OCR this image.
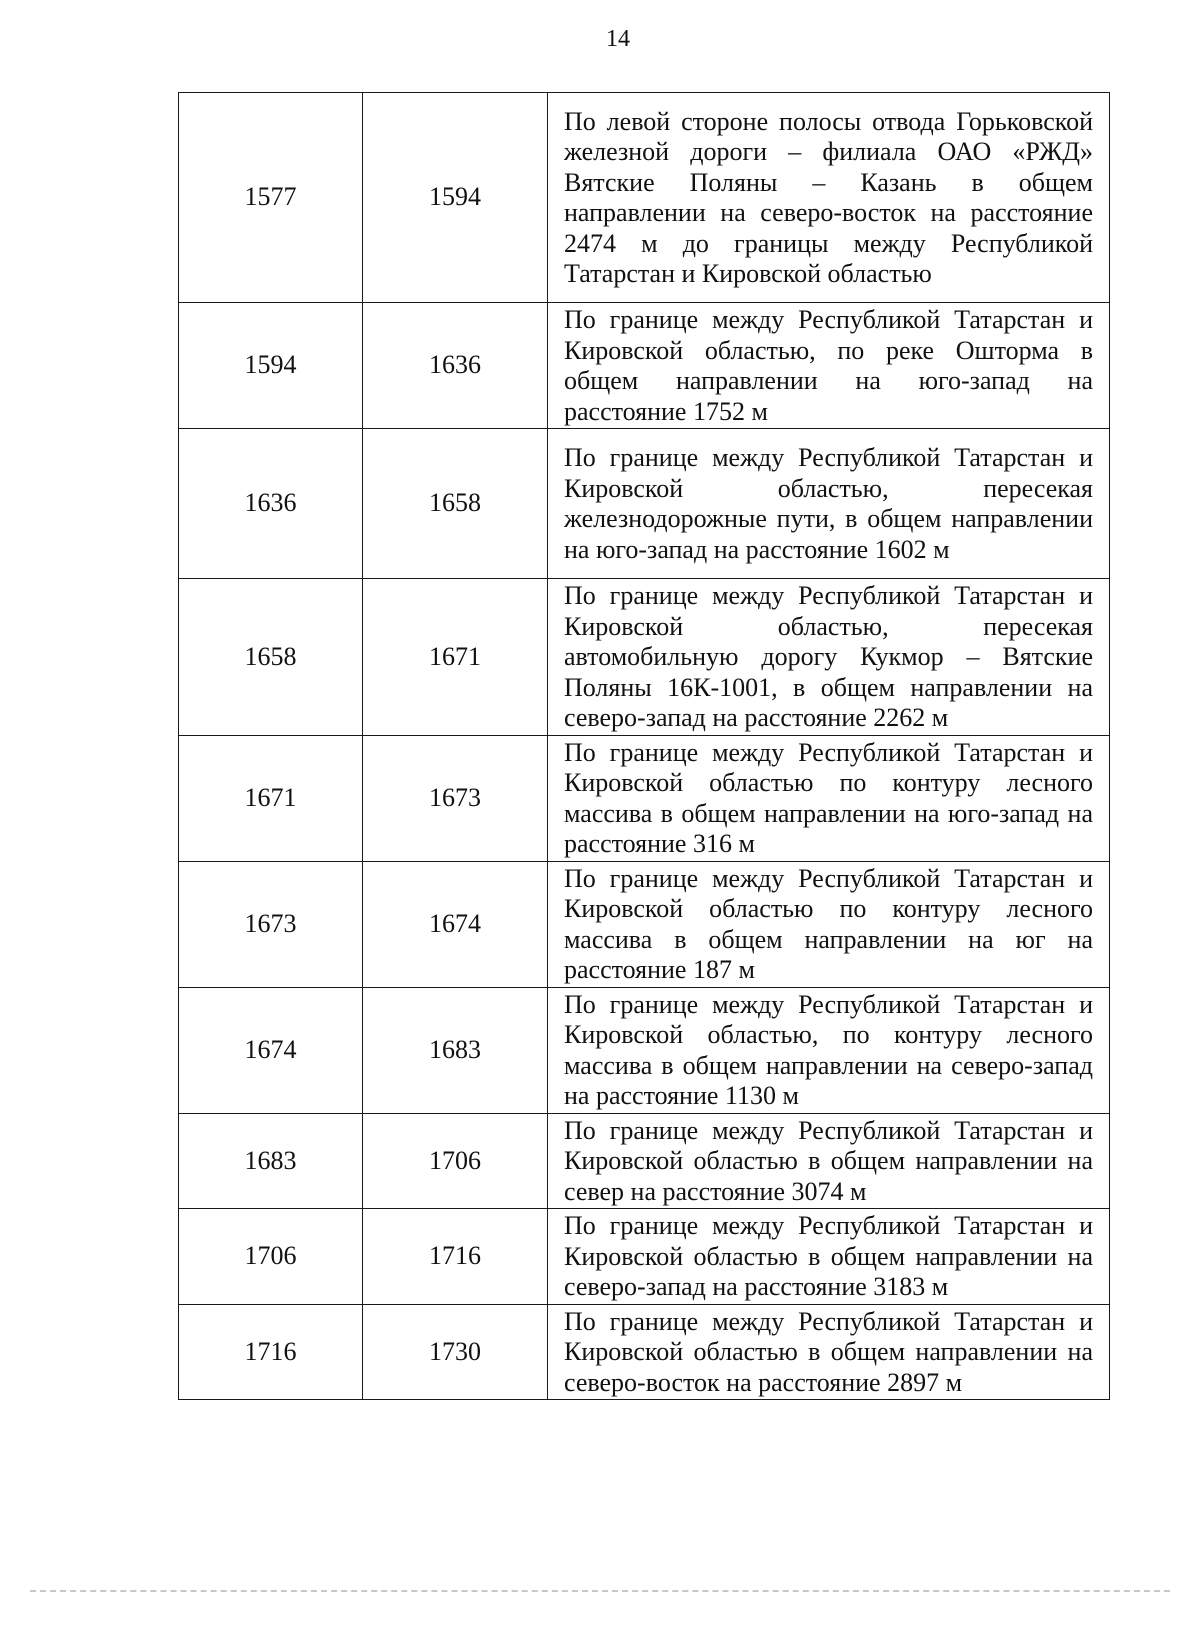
14
1577	1594	По левой стороне полосы отвода Горьковской железной дороги – филиала ОАО «РЖД» Вятские Поляны – Казань в общем направлении на северо-восток на расстояние 2474 м до границы между Республикой Татарстан и Кировской областью
1594	1636	По границе между Республикой Татарстан и Кировской областью, по реке Ошторма в общем направлении на юго-запад на расстояние 1752 м
1636	1658	По границе между Республикой Татарстан и Кировской областью, пересекая железнодорожные пути, в общем направлении на юго-запад на расстояние 1602 м
1658	1671	По границе между Республикой Татарстан и Кировской областью, пересекая автомобильную дорогу Кукмор – Вятские Поляны 16К-1001, в общем направлении на северо-запад на расстояние 2262 м
1671	1673	По границе между Республикой Татарстан и Кировской областью по контуру лесного массива в общем направлении на юго-запад на расстояние 316 м
1673	1674	По границе между Республикой Татарстан и Кировской областью по контуру лесного массива в общем направлении на юг на расстояние 187 м
1674	1683	По границе между Республикой Татарстан и Кировской областью, по контуру лесного массива в общем направлении на северо-запад на расстояние 1130 м
1683	1706	По границе между Республикой Татарстан и Кировской областью в общем направлении на север на расстояние 3074 м
1706	1716	По границе между Республикой Татарстан и Кировской областью в общем направлении на северо-запад на расстояние 3183 м
1716	1730	По границе между Республикой Татарстан и Кировской областью в общем направлении на северо-восток на расстояние 2897 м
